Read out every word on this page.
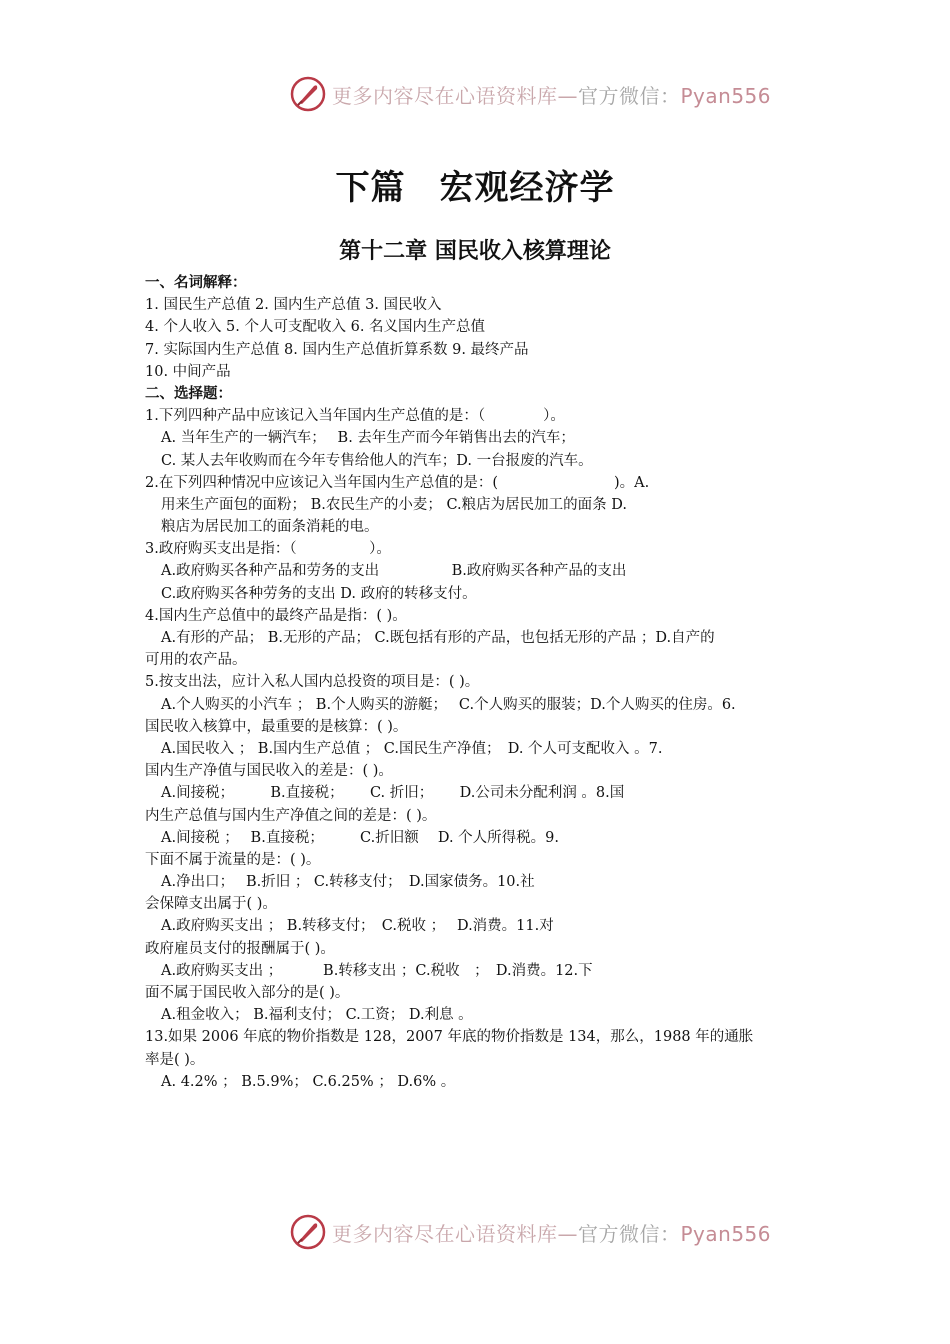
更多内容尽在心语资料库—官方微信：Pyan556
下篇 宏观经济学
第十二章 国民收入核算理论
一、名词解释：
1. 国民生产总值 2. 国内生产总值 3. 国民收入
4. 个人收入 5. 个人可支配收入 6. 名义国内生产总值
7. 实际国内生产总值 8. 国内生产总值折算系数 9. 最终产品
10. 中间产品
二、选择题：
1.下列四种产品中应该记入当年国内生产总值的是：（　　　　）。
A. 当年生产的一辆汽车；　 B. 去年生产而今年销售出去的汽车；
C. 某人去年收购而在今年专售给他人的汽车；D. 一台报废的汽车。
2.在下列四种情况中应该记入当年国内生产总值的是：(　　　　　　　　)。A.
用来生产面包的面粉； B.农民生产的小麦； C.粮店为居民加工的面条 D.
粮店为居民加工的面条消耗的电。
3.政府购买支出是指：（　　　　　）。
A.政府购买各种产品和劳务的支出　　　　　B.政府购买各种产品的支出
C.政府购买各种劳务的支出 D. 政府的转移支付。
4.国内生产总值中的最终产品是指：( )。
A.有形的产品； B.无形的产品； C.既包括有形的产品，也包括无形的产品 ；D.自产的
可用的农产品。
5.按支出法，应计入私人国内总投资的项目是：( )。
A.个人购买的小汽车 ； B.个人购买的游艇；　 C.个人购买的服装；D.个人购买的住房。6.
国民收入核算中，最重要的是核算：( )。
A.国民收入 ； B.国内生产总值 ； C.国民生产净值；　D. 个人可支配收入 。7.
国内生产净值与国民收入的差是：( )。
A.间接税；　　　B.直接税；　　 C. 折旧；　　 D.公司未分配利润 。8.国
内生产总值与国内生产净值之间的差是：( )。
A.间接税 ；　 B.直接税；　　　C.折旧额　 D. 个人所得税。9.
下面不属于流量的是：( )。
A.净出口；　 B.折旧 ； C.转移支付；　D.国家债务。10.社
会保障支出属于( )。
A.政府购买支出 ； B.转移支付；　C.税收 ；　 D.消费。11.对
政府雇员支付的报酬属于( )。
A.政府购买支出 ；　　　 B.转移支出 ；C.税收　；　D.消费。12.下
面不属于国民收入部分的是( )。
A.租金收入； B.福利支付； C.工资； D.利息 。
13.如果 2006 年底的物价指数是 128，2007 年底的物价指数是 134，那么，1988 年的通胀
率是( )。
A. 4.2% ； B.5.9%； C.6.25% ； D.6% 。
更多内容尽在心语资料库—官方微信：Pyan556
